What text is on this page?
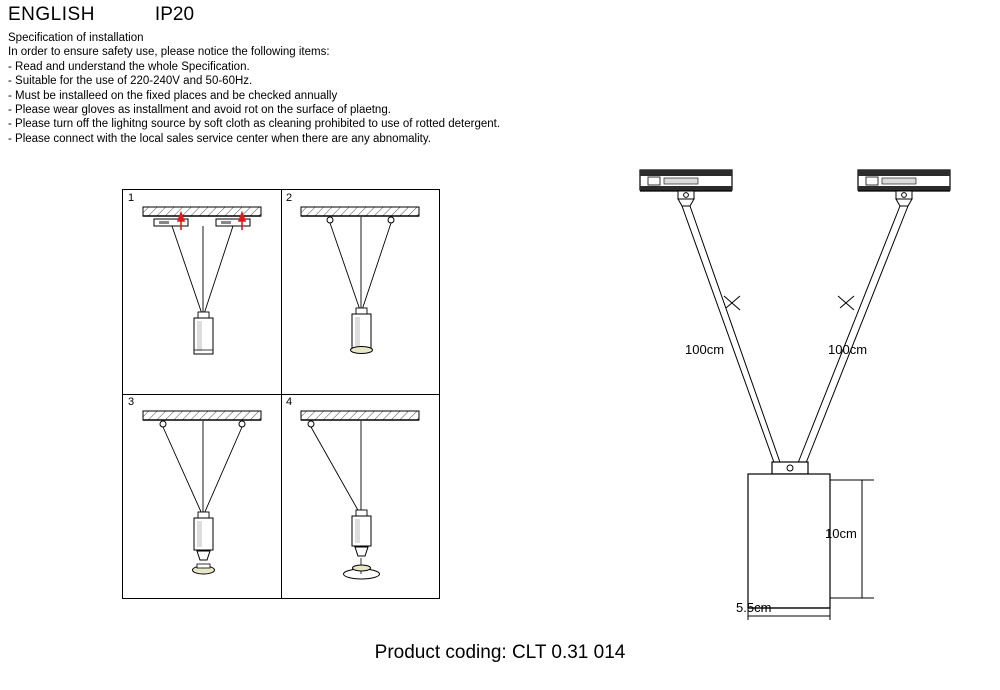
ENGLISH	IP20
Specification of installation
In order to ensure safety use, please notice the following items:
- Read and understand the whole Specification.
- Suitable for the use of 220-240V and 50-60Hz.
- Must be installeed on the fixed places and be checked annually
- Please wear gloves as installment and avoid rot on the surface of plaetng.
- Please turn off the lighitng source by soft cloth as cleaning prohibited to use of rotted detergent.
- Please connect with the local sales service center when there are any abnomality.
1	2
3	4
100cm	100cm
10cm
5.5cm
Product coding: CLT 0.31 014
